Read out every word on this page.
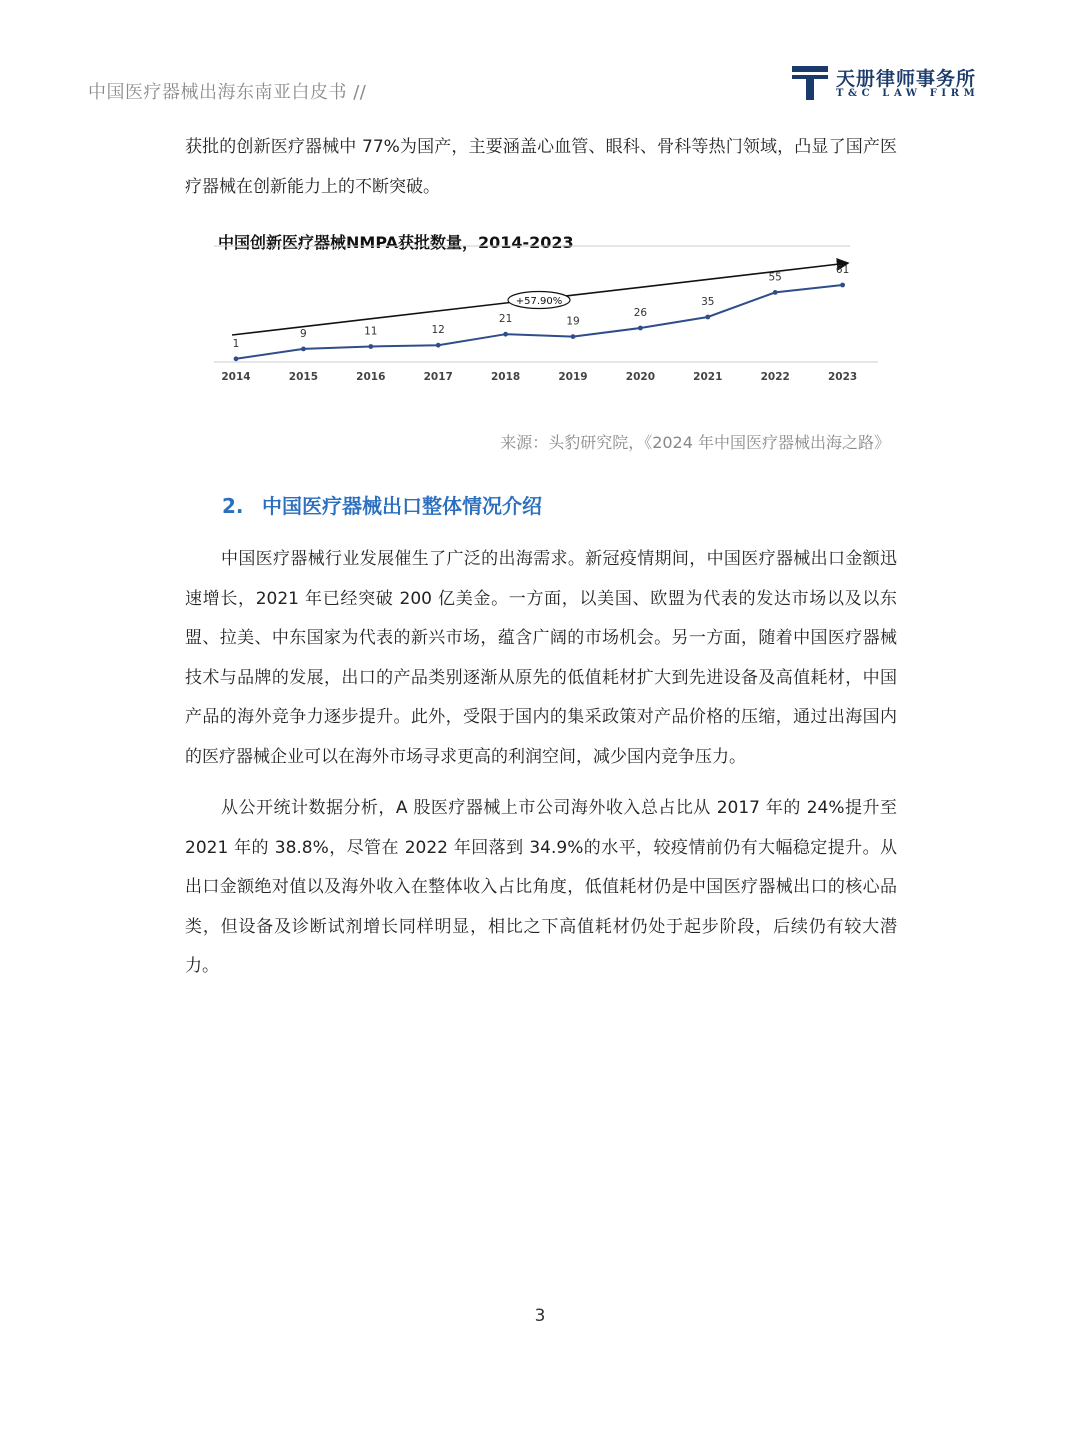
中国医疗器械出海东南亚白皮书 //
天册律师事务所
T&C LAW FIRM

获批的创新医疗器械中 77%为国产，主要涵盖心血管、眼科、骨科等热门领域，凸显了国产医疗器械在创新能力上的不断突破。

中国创新医疗器械NMPA获批数量，2014-2023
+57.90%
1
2014
9
2015
11
2016
12
2017
21
2018
19
2019
26
2020
35
2021
55
2022
61
2023
来源：头豹研究院，《2024 年中国医疗器械出海之路》
2. 中国医疗器械出口整体情况介绍

中国医疗器械行业发展催生了广泛的出海需求。新冠疫情期间，中国医疗器械出口金额迅速增长，2021 年已经突破 200 亿美金。一方面，以美国、欧盟为代表的发达市场以及以东盟、拉美、中东国家为代表的新兴市场，蕴含广阔的市场机会。另一方面，随着中国医疗器械技术与品牌的发展，出口的产品类别逐渐从原先的低值耗材扩大到先进设备及高值耗材，中国产品的海外竞争力逐步提升。此外，受限于国内的集采政策对产品价格的压缩，通过出海国内的医疗器械企业可以在海外市场寻求更高的利润空间，减少国内竞争压力。

从公开统计数据分析，A 股医疗器械上市公司海外收入总占比从 2017 年的 24%提升至 2021 年的 38.8%，尽管在 2022 年回落到 34.9%的水平，较疫情前仍有大幅稳定提升。从出口金额绝对值以及海外收入在整体收入占比角度，低值耗材仍是中国医疗器械出口的核心品类，但设备及诊断试剂增长同样明显，相比之下高值耗材仍处于起步阶段，后续仍有较大潜力。

3
